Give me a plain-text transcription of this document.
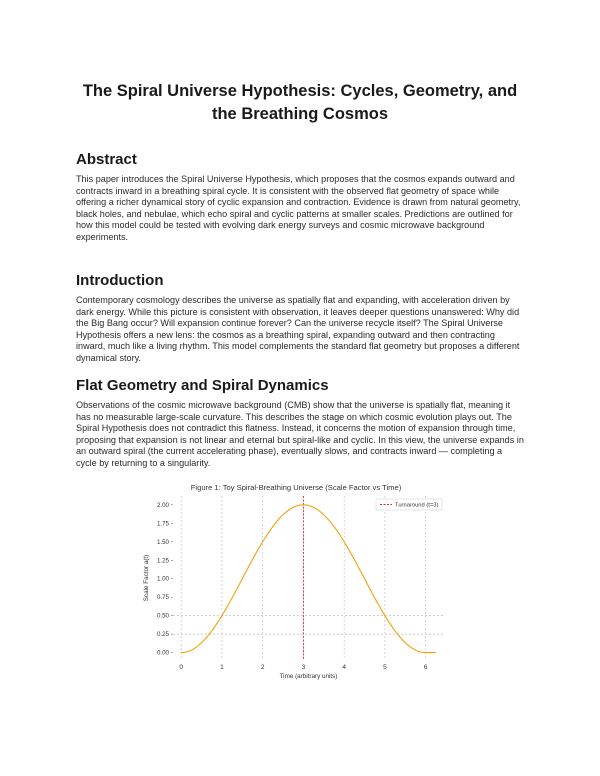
The Spiral Universe Hypothesis: Cycles, Geometry, and the Breathing Cosmos
Abstract

This paper introduces the Spiral Universe Hypothesis, which proposes that the cosmos expands outward and contracts inward in a breathing spiral cycle. It is consistent with the observed flat geometry of space while offering a richer dynamical story of cyclic expansion and contraction. Evidence is drawn from natural geometry, black holes, and nebulae, which echo spiral and cyclic patterns at smaller scales. Predictions are outlined for how this model could be tested with evolving dark energy surveys and cosmic microwave background experiments.

Introduction

Contemporary cosmology describes the universe as spatially flat and expanding, with acceleration driven by dark energy. While this picture is consistent with observation, it leaves deeper questions unanswered: Why did the Big Bang occur? Will expansion continue forever? Can the universe recycle itself? The Spiral Universe Hypothesis offers a new lens: the cosmos as a breathing spiral, expanding outward and then contracting inward, much like a living rhythm. This model complements the standard flat geometry but proposes a different dynamical story.

Flat Geometry and Spiral Dynamics

Observations of the cosmic microwave background (CMB) show that the universe is spatially flat, meaning it has no measurable large-scale curvature. This describes the stage on which cosmic evolution plays out. The Spiral Hypothesis does not contradict this flatness. Instead, it concerns the motion of expansion through time, proposing that expansion is not linear and eternal but spiral-like and cyclic. In this view, the universe expands in an outward spiral (the current accelerating phase), eventually slows, and contracts inward — completing a cycle by returning to a singularity.

Figure 1: Toy Spiral-Breathing Universe (Scale Factor vs Time)
0	1	2	3	4	5	6
0.00
0.25
0.50
0.75
1.00
1.25
1.50
1.75
2.00
Time (arbitrary units)
Scale Factor a(t)
Turnaround (t=3)
